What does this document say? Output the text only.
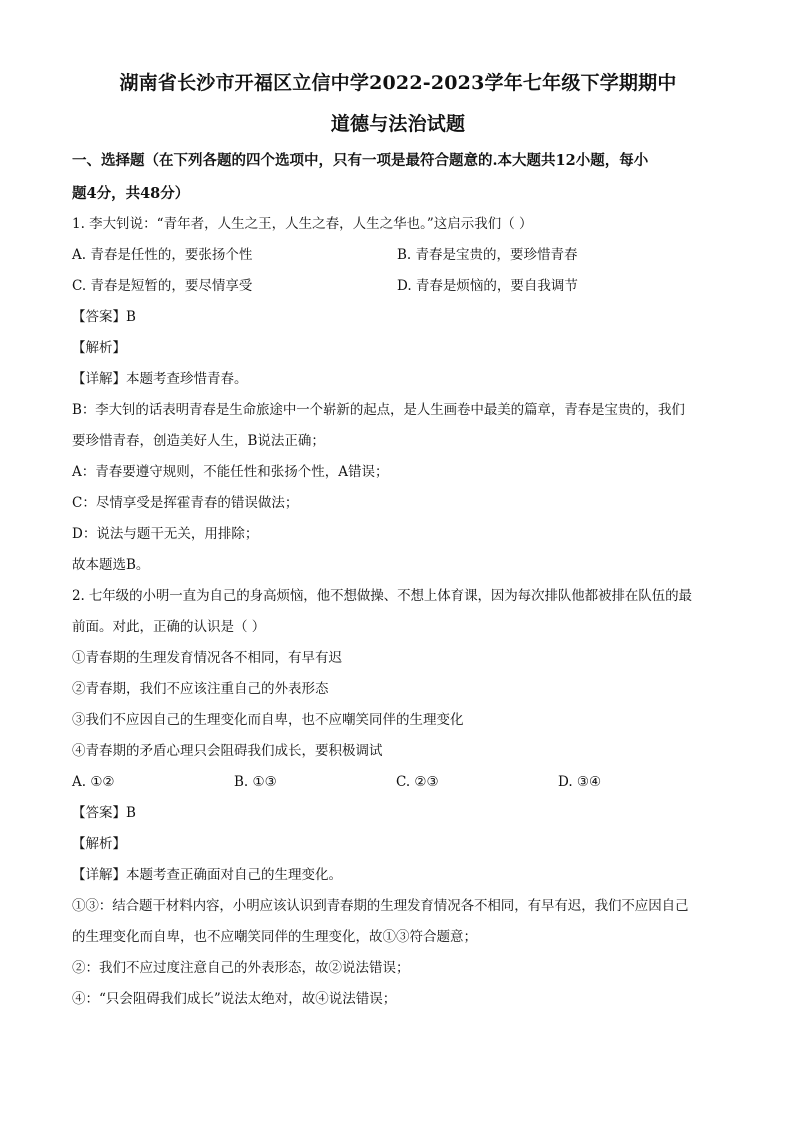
湖南省长沙市开福区立信中学2022-2023学年七年级下学期期中
道德与法治试题
一、选择题（在下列各题的四个选项中，只有一项是最符合题意的.本大题共12小题，每小
题4分，共48分）
1. 李大钊说：“青年者，人生之王，人生之春，人生之华也。”这启示我们（ ）
A. 青春是任性的，要张扬个性	B. 青春是宝贵的，要珍惜青春
C. 青春是短暂的，要尽情享受	D. 青春是烦恼的，要自我调节
【答案】B
【解析】
【详解】本题考查珍惜青春。
B：李大钊的话表明青春是生命旅途中一个崭新的起点，是人生画卷中最美的篇章，青春是宝贵的，我们
要珍惜青春，创造美好人生，B说法正确；
A：青春要遵守规则，不能任性和张扬个性，A错误；
C：尽情享受是挥霍青春的错误做法；
D：说法与题干无关，用排除；
故本题选B。
2. 七年级的小明一直为自己的身高烦恼，他不想做操、不想上体育课，因为每次排队他都被排在队伍的最
前面。对此，正确的认识是（ ）
①青春期的生理发育情况各不相同，有早有迟
②青春期，我们不应该注重自己的外表形态
③我们不应因自己的生理变化而自卑，也不应嘲笑同伴的生理变化
④青春期的矛盾心理只会阻碍我们成长，要积极调试
A. ①②	B. ①③	C. ②③	D. ③④
【答案】B
【解析】
【详解】本题考查正确面对自己的生理变化。
①③：结合题干材料内容，小明应该认识到青春期的生理发育情况各不相同，有早有迟，我们不应因自己
的生理变化而自卑，也不应嘲笑同伴的生理变化，故①③符合题意；
②：我们不应过度注意自己的外表形态，故②说法错误；
④：“只会阻碍我们成长”说法太绝对，故④说法错误；
